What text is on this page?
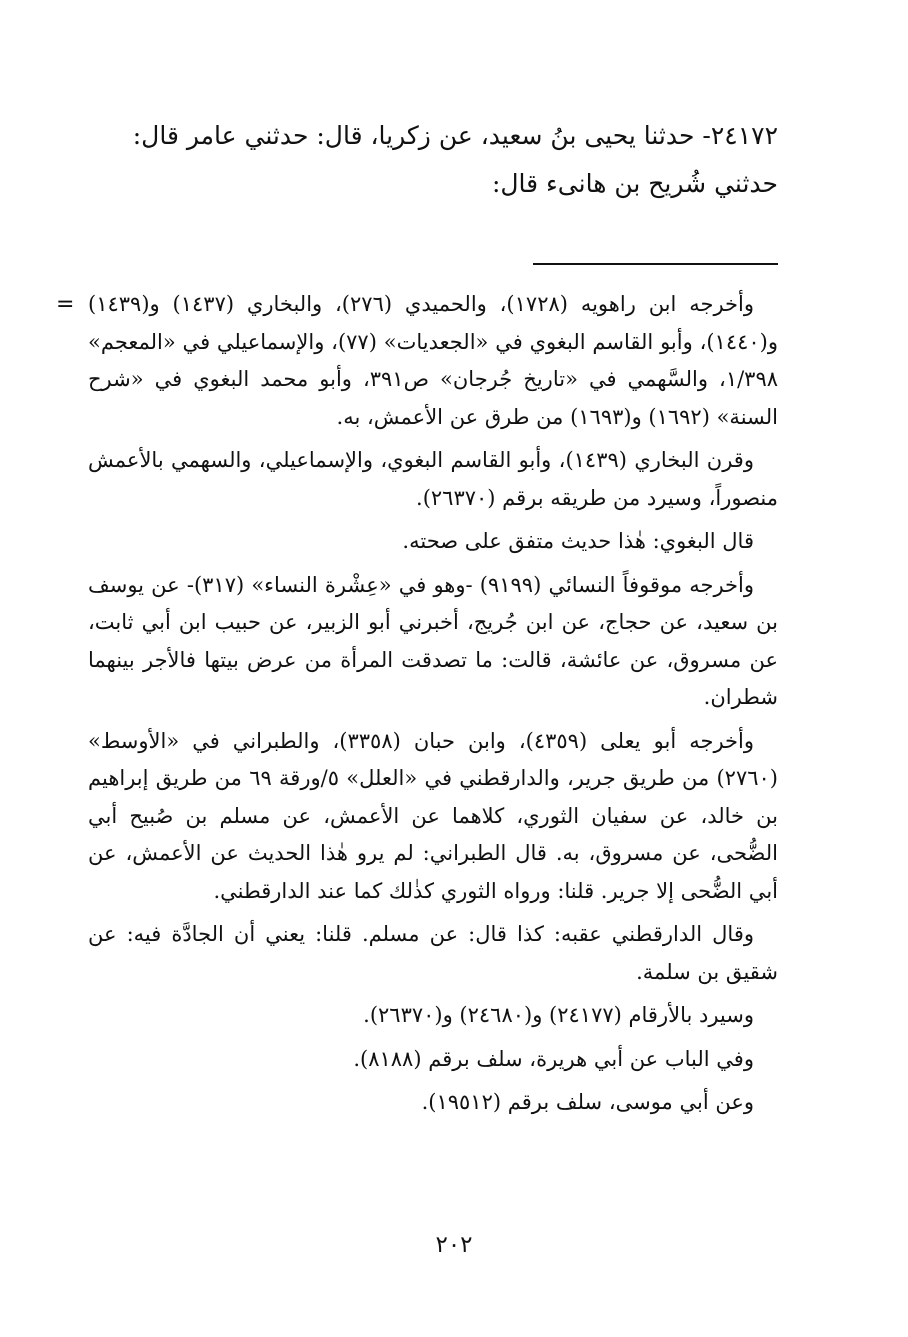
٢٤١٧٢- حدثنا يحيى بنُ سعيد، عن زكريا، قال: حدثني عامر قال:
حدثني شُريح بن هانىء قال:
= وأخرجه ابن راهويه (١٧٢٨)، والحميدي (٢٧٦)، والبخاري (١٤٣٧) و(١٤٣٩) و(١٤٤٠)، وأبو القاسم البغوي في «الجعديات» (٧٧)، والإسماعيلي في «المعجم» ١/٣٩٨، والسَّهمي في «تاريخ جُرجان» ص٣٩١، وأبو محمد البغوي في «شرح السنة» (١٦٩٢) و(١٦٩٣) من طرق عن الأعمش، به.

وقرن البخاري (١٤٣٩)، وأبو القاسم البغوي، والإسماعيلي، والسهمي بالأعمش منصوراً، وسيرد من طريقه برقم (٢٦٣٧٠).

قال البغوي: هٰذا حديث متفق على صحته.

وأخرجه موقوفاً النسائي (٩١٩٩) -وهو في «عِشْرة النساء» (٣١٧)- عن يوسف بن سعيد، عن حجاج، عن ابن جُريج، أخبرني أبو الزبير، عن حبيب ابن أبي ثابت، عن مسروق، عن عائشة، قالت: ما تصدقت المرأة من عرض بيتها فالأجر بينهما شطران.

وأخرجه أبو يعلى (٤٣٥٩)، وابن حبان (٣٣٥٨)، والطبراني في «الأوسط» (٢٧٦٠) من طريق جرير، والدارقطني في «العلل» ٥/ورقة ٦٩ من طريق إبراهيم بن خالد، عن سفيان الثوري، كلاهما عن الأعمش، عن مسلم بن صُبيح أبي الضُّحى، عن مسروق، به. قال الطبراني: لم يرو هٰذا الحديث عن الأعمش، عن أبي الضُّحى إلا جرير. قلنا: ورواه الثوري كذٰلك كما عند الدارقطني.

وقال الدارقطني عقبه: كذا قال: عن مسلم. قلنا: يعني أن الجادَّة فيه: عن شقيق بن سلمة.

وسيرد بالأرقام (٢٤١٧٧) و(٢٤٦٨٠) و(٢٦٣٧٠).

وفي الباب عن أبي هريرة، سلف برقم (٨١٨٨).

وعن أبي موسى، سلف برقم (١٩٥١٢).

٢٠٢
